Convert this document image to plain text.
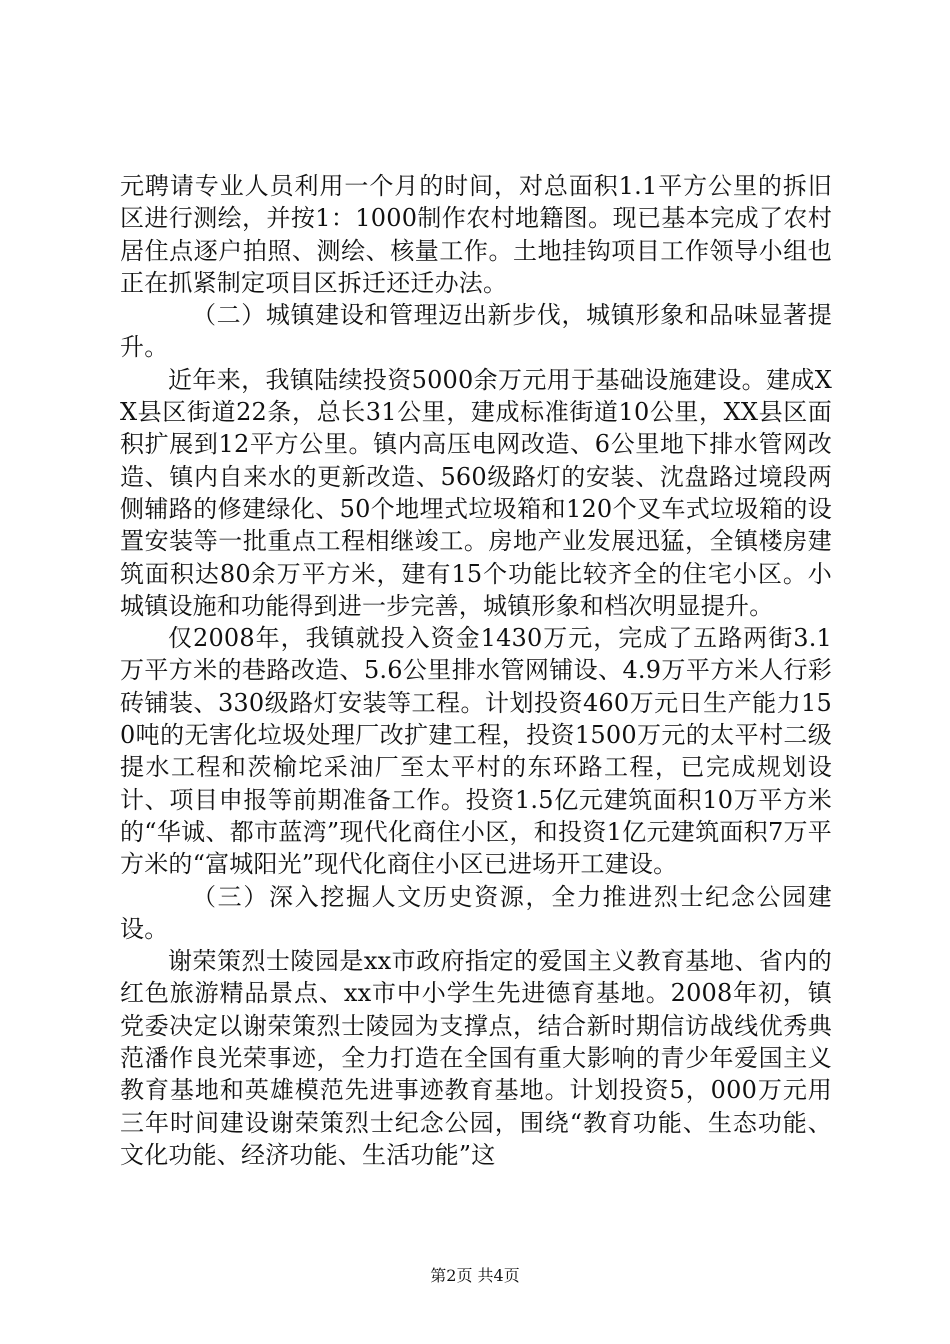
元聘请专业人员利用一个月的时间，对总面积1.1平方公里的拆旧区进行测绘，并按1：1000制作农村地籍图。现已基本完成了农村居住点逐户拍照、测绘、核量工作。土地挂钩项目工作领导小组也正在抓紧制定项目区拆迁还迁办法。

（二）城镇建设和管理迈出新步伐，城镇形象和品味显著提升。

近年来，我镇陆续投资5000余万元用于基础设施建设。建成XX县区街道22条，总长31公里，建成标准街道10公里，XX县区面积扩展到12平方公里。镇内高压电网改造、6公里地下排水管网改造、镇内自来水的更新改造、560级路灯的安装、沈盘路过境段两侧辅路的修建绿化、50个地埋式垃圾箱和120个叉车式垃圾箱的设置安装等一批重点工程相继竣工。房地产业发展迅猛，全镇楼房建筑面积达80余万平方米，建有15个功能比较齐全的住宅小区。小城镇设施和功能得到进一步完善，城镇形象和档次明显提升。

仅2008年，我镇就投入资金1430万元，完成了五路两街3.1万平方米的巷路改造、5.6公里排水管网铺设、4.9万平方米人行彩砖铺装、330级路灯安装等工程。计划投资460万元日生产能力150吨的无害化垃圾处理厂改扩建工程，投资1500万元的太平村二级提水工程和茨榆坨采油厂至太平村的东环路工程，已完成规划设计、项目申报等前期准备工作。投资1.5亿元建筑面积10万平方米的“华诚、都市蓝湾”现代化商住小区，和投资1亿元建筑面积7万平方米的“富城阳光”现代化商住小区已进场开工建设。

（三）深入挖掘人文历史资源，全力推进烈士纪念公园建设。

谢荣策烈士陵园是xx市政府指定的爱国主义教育基地、省内的红色旅游精品景点、xx市中小学生先进德育基地。2008年初，镇党委决定以谢荣策烈士陵园为支撑点，结合新时期信访战线优秀典范潘作良光荣事迹，全力打造在全国有重大影响的青少年爱国主义教育基地和英雄模范先进事迹教育基地。计划投资5，000万元用三年时间建设谢荣策烈士纪念公园，围绕“教育功能、生态功能、文化功能、经济功能、生活功能”这

第2页 共4页
